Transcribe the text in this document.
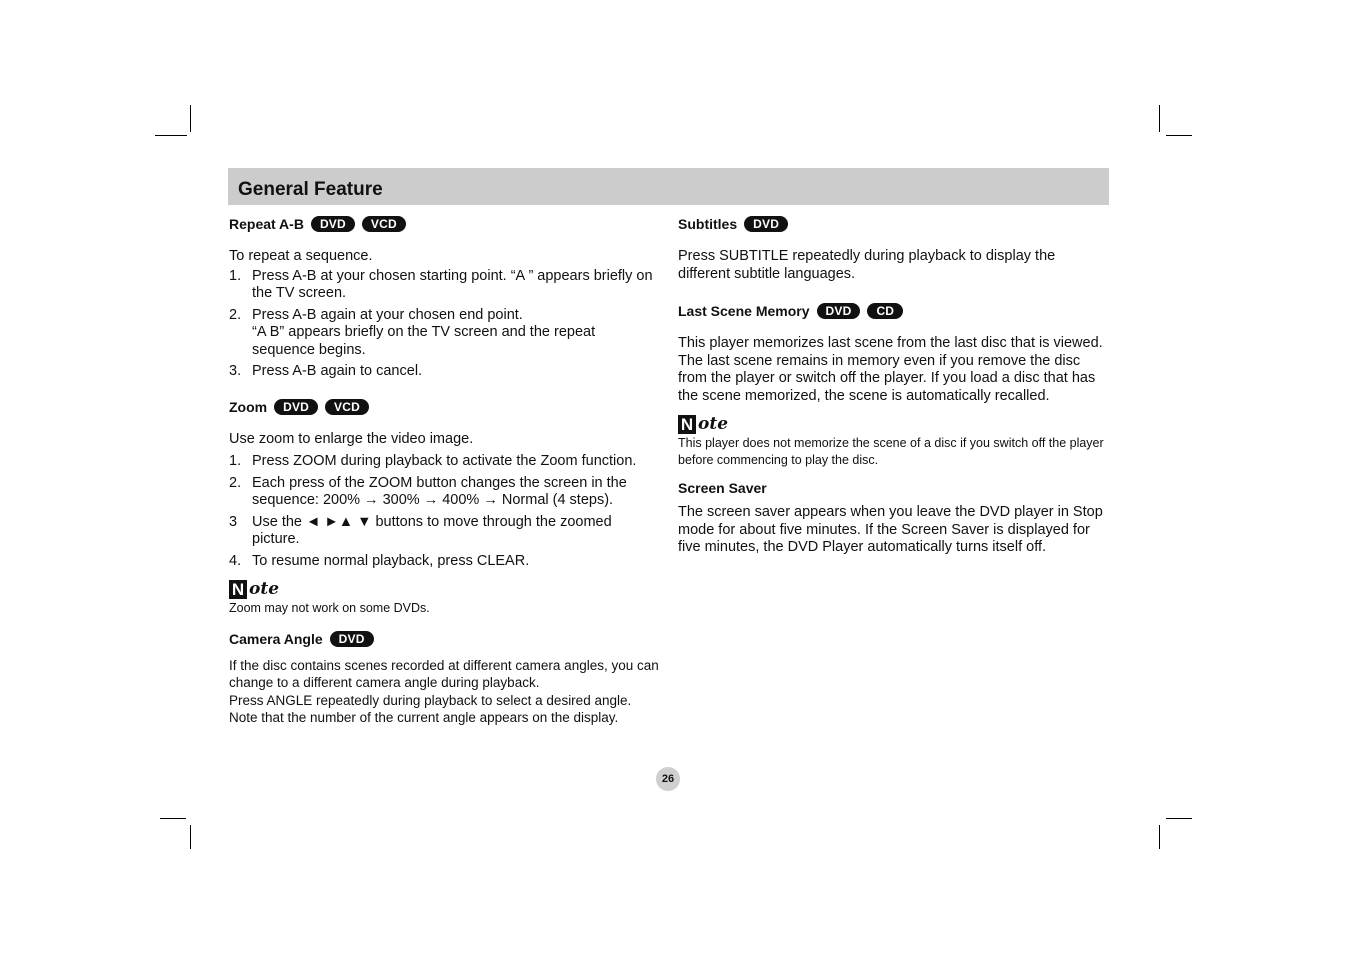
General Feature
Repeat A-B	DVD	VCD

To repeat a sequence.

1. Press A-B at your chosen starting point. “A ” appears briefly on the TV screen.
2. Press A-B again at your chosen end point.
“A B” appears briefly on the TV screen and the repeat sequence begins.
3. Press A-B again to cancel.
Zoom	DVD	VCD

Use zoom to enlarge the video image.

1. Press ZOOM during playback to activate the Zoom function.
2. Each press of the ZOOM button changes the screen in the sequence: 200% → 300% → 400% → Normal (4 steps).
3	Use the ◄ ►▲ ▼ buttons to move through the zoomed picture.
4. To resume normal playback, press CLEAR.
N ote

Zoom may not work on some DVDs.

Camera Angle	DVD

If the disc contains scenes recorded at different camera angles, you can change to a different camera angle during playback.

Press ANGLE repeatedly during playback to select a desired angle. Note that the number of the current angle appears on the display.

Subtitles	DVD

Press SUBTITLE repeatedly during playback to display the different subtitle languages.

Last Scene Memory	DVD	CD

This player memorizes last scene from the last disc that is viewed. The last scene remains in memory even if you remove the disc from the player or switch off the player. If you load a disc that has the scene memorized, the scene is automatically recalled.

N ote

This player does not memorize the scene of a disc if you switch off the player before commencing to play the disc.

Screen Saver

The screen saver appears when you leave the DVD player in Stop mode for about five minutes. If the Screen Saver is displayed for five minutes, the DVD Player automatically turns itself off.

26
